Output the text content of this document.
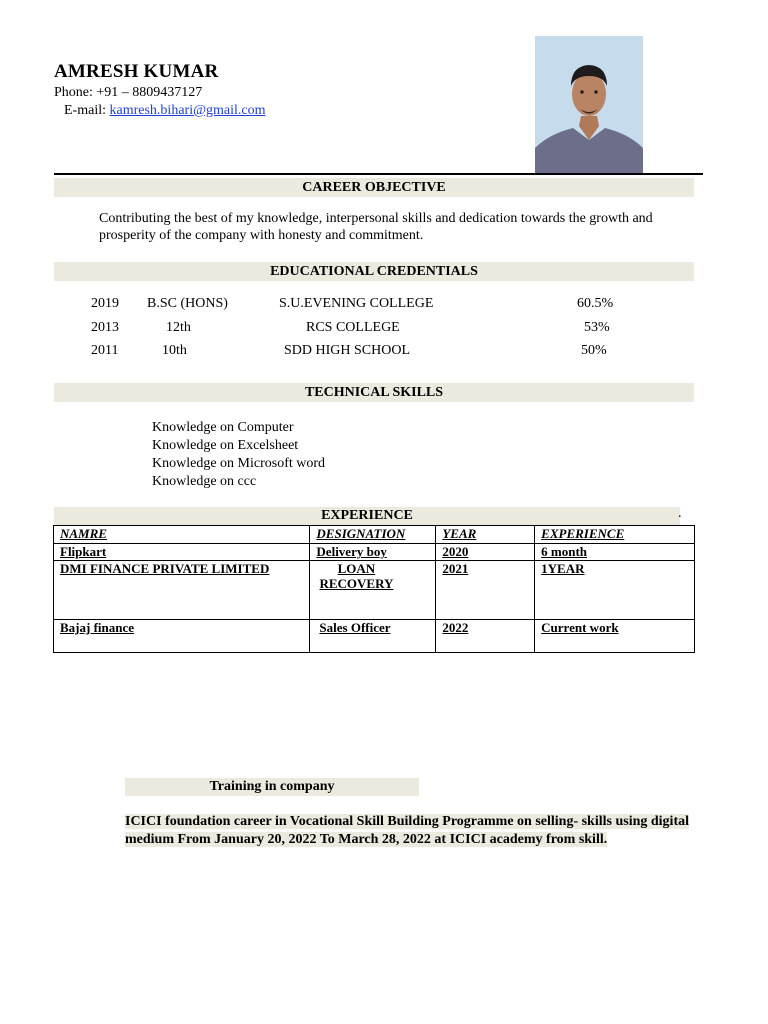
AMRESH KUMAR
Phone: +91 – 8809437127
E-mail: kamresh.bihari@gmail.com
CAREER OBJECTIVE
Contributing the best of my knowledge, interpersonal skills and dedication towards the growth and prosperity of the company with honesty and commitment.
EDUCATIONAL CREDENTIALS
2019 B.SC (HONS)	S.U.EVENING COLLEGE	60.5%
2013	12th	RCS COLLEGE	53%
2011	10th	SDD HIGH SCHOOL	50%
TECHNICAL SKILLS
Knowledge on Computer
Knowledge on Excelsheet
Knowledge on Microsoft word
Knowledge on ccc
EXPERIENCE	.
NAMRE	DESIGNATION	YEAR	EXPERIENCE
Flipkart	Delivery boy	2020	6 month
DMI FINANCE PRIVATE LIMITED	LOAN RECOVERY	2021	1YEAR
Bajaj finance	Sales Officer	2022	Current work
Training in company
ICICI foundation career in Vocational Skill Building Programme on selling- skills using digital medium From January 20, 2022 To March 28, 2022 at ICICI academy from skill.
